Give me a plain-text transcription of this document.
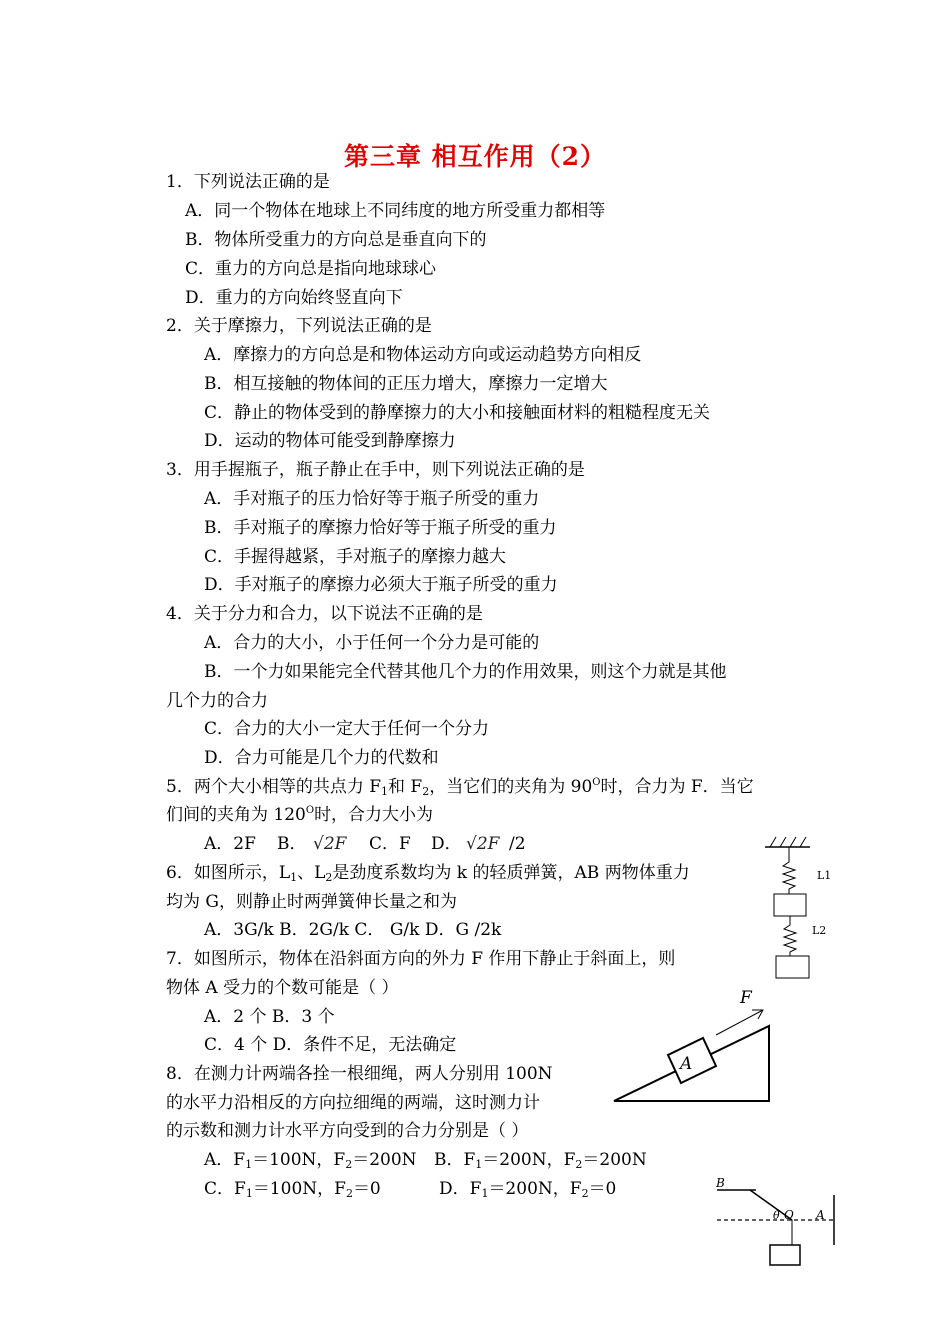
第三章 相互作用（2）
1．下列说法正确的是
A．同一个物体在地球上不同纬度的地方所受重力都相等
B．物体所受重力的方向总是垂直向下的
C．重力的方向总是指向地球球心
D．重力的方向始终竖直向下
2．关于摩擦力，下列说法正确的是
A．摩擦力的方向总是和物体运动方向或运动趋势方向相反
B．相互接触的物体间的正压力增大，摩擦力一定增大
C．静止的物体受到的静摩擦力的大小和接触面材料的粗糙程度无关
D．运动的物体可能受到静摩擦力
3．用手握瓶子，瓶子静止在手中，则下列说法正确的是
A．手对瓶子的压力恰好等于瓶子所受的重力
B．手对瓶子的摩擦力恰好等于瓶子所受的重力
C．手握得越紧，手对瓶子的摩擦力越大
D．手对瓶子的摩擦力必须大于瓶子所受的重力
4．关于分力和合力，以下说法不正确的是
A．合力的大小，小于任何一个分力是可能的
B．一个力如果能完全代替其他几个力的作用效果，则这个力就是其他
几个力的合力
C．合力的大小一定大于任何一个分力
D．合力可能是几个力的代数和
5．两个大小相等的共点力 $F_1$和 $F_2$，当它们的夹角为 $90^O$时，合力为 F．当它
们间的夹角为 $120^O$时，合力大小为
A．2F B． √2F C．F D． √2F /2
6．如图所示，$L_1$、$L_2$是劲度系数均为 k 的轻质弹簧，AB 两物体重力
均为 G，则静止时两弹簧伸长量之和为
A．3G/k B．2G/k C． G/k D．G /2k
7．如图所示，物体在沿斜面方向的外力 F 作用下静止于斜面上，则
物体 A 受力的个数可能是（ ）
A．2 个 B．3 个
C．4 个 D．条件不足，无法确定
8．在测力计两端各拴一根细绳，两人分别用 100N
的水平力沿相反的方向拉细绳的两端，这时测力计
的示数和测力计水平方向受到的合力分别是（ ）
A．$F_1=100N$，$F_2=200N$ B．$F_1=200N$，$F_2=200N$
C．$F_1=100N$，$F_2=0$	D．$F_1=200N$，$F_2=0$
L1
L2
A
F
B
θ O A
